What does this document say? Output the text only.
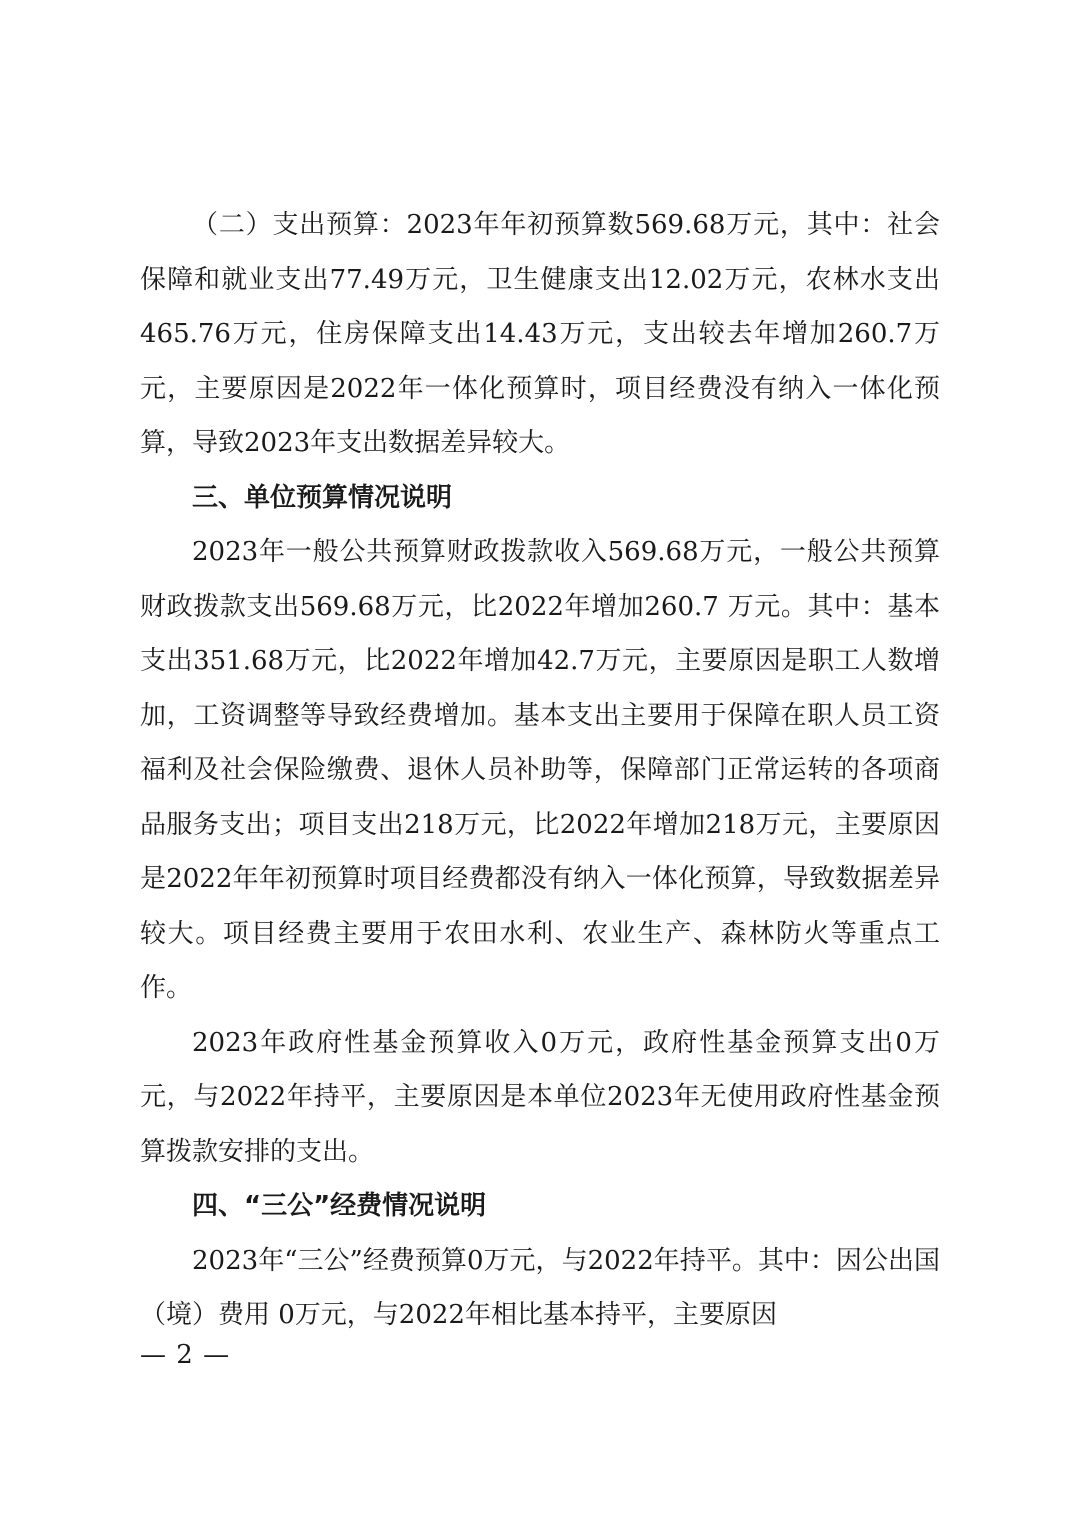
（二）支出预算：2023年年初预算数569.68万元，其中：社会保障和就业支出77.49万元，卫生健康支出12.02万元，农林水支出465.76万元，住房保障支出14.43万元，支出较去年增加260.7万元，主要原因是2022年一体化预算时，项目经费没有纳入一体化预算，导致2023年支出数据差异较大。

三、单位预算情况说明

2023年一般公共预算财政拨款收入569.68万元，一般公共预算财政拨款支出569.68万元，比2022年增加260.7 万元。其中：基本支出351.68万元，比2022年增加42.7万元，主要原因是职工人数增加，工资调整等导致经费增加。基本支出主要用于保障在职人员工资福利及社会保险缴费、退休人员补助等，保障部门正常运转的各项商品服务支出；项目支出218万元，比2022年增加218万元，主要原因是2022年年初预算时项目经费都没有纳入一体化预算，导致数据差异较大。项目经费主要用于农田水利、农业生产、森林防火等重点工作。

2023年政府性基金预算收入0万元，政府性基金预算支出0万元，与2022年持平，主要原因是本单位2023年无使用政府性基金预算拨款安排的支出。

四、“三公”经费情况说明

2023年“三公”经费预算0万元，与2022年持平。其中：因公出国（境）费用 0万元，与2022年相比基本持平，主要原因

— 2 —
